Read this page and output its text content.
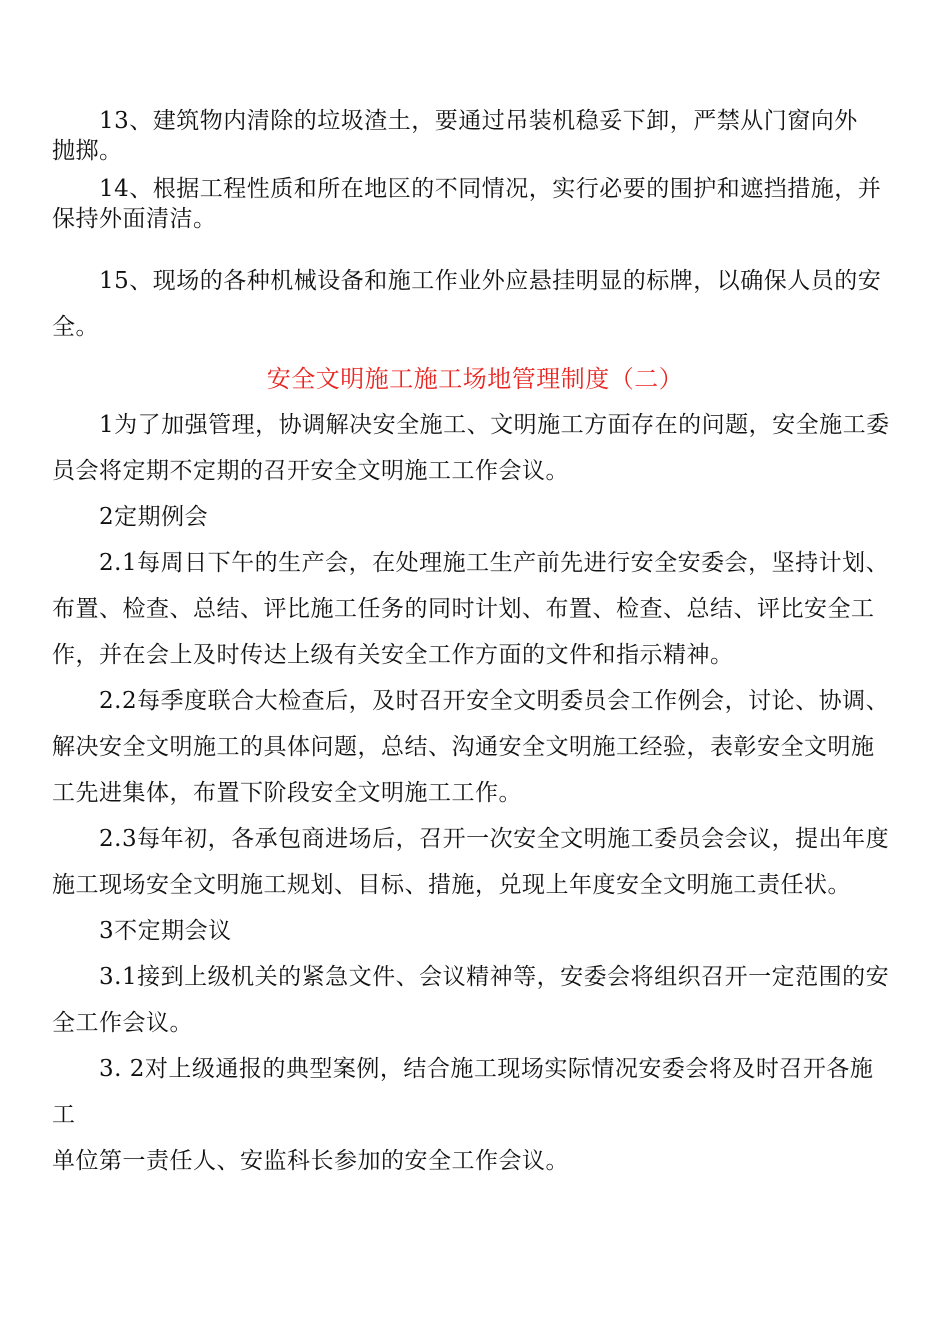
13、建筑物内清除的垃圾渣土，要通过吊装机稳妥下卸，严禁从门窗向外
抛掷。
14、根据工程性质和所在地区的不同情况，实行必要的围护和遮挡措施，并
保持外面清洁。
15、现场的各种机械设备和施工作业外应悬挂明显的标牌，以确保人员的安
全。
安全文明施工施工场地管理制度（二）
1为了加强管理，协调解决安全施工、文明施工方面存在的问题，安全施工委
员会将定期不定期的召开安全文明施工工作会议。
2定期例会
2.1每周日下午的生产会，在处理施工生产前先进行安全安委会，坚持计划、
布置、检查、总结、评比施工任务的同时计划、布置、检查、总结、评比安全工
作，并在会上及时传达上级有关安全工作方面的文件和指示精神。
2.2每季度联合大检查后，及时召开安全文明委员会工作例会，讨论、协调、
解决安全文明施工的具体问题，总结、沟通安全文明施工经验，表彰安全文明施
工先进集体，布置下阶段安全文明施工工作。
2.3每年初，各承包商进场后，召开一次安全文明施工委员会会议，提出年度
施工现场安全文明施工规划、目标、措施，兑现上年度安全文明施工责任状。
3不定期会议
3.1接到上级机关的紧急文件、会议精神等，安委会将组织召开一定范围的安
全工作会议。
3. 2对上级通报的典型案例，结合施工现场实际情况安委会将及时召开各施
工
单位第一责任人、安监科长参加的安全工作会议。
